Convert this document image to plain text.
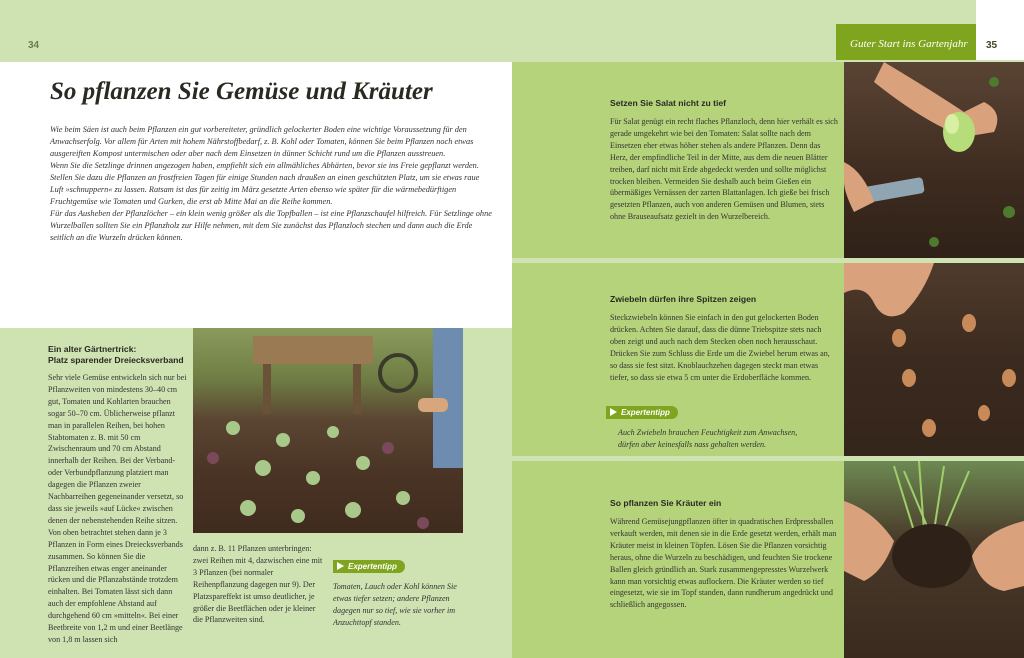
34	Guter Start ins Gartenjahr	35
So pflanzen Sie Gemüse und Kräuter

Wie beim Säen ist auch beim Pflanzen ein gut vorbereiteter, gründlich gelockerter Boden eine wichtige Voraussetzung für den Anwachserfolg. Vor allem für Arten mit hohem Nährstoffbedarf, z. B. Kohl oder Tomaten, können Sie beim Pflanzen noch etwas ausgereiften Kompost untermischen oder aber nach dem Einsetzen in dünner Schicht rund um die Pflanzen ausstreuen.

Wenn Sie die Setzlinge drinnen angezogen haben, empfiehlt sich ein allmähliches Abhärten, bevor sie ins Freie gepflanzt werden. Stellen Sie dazu die Pflanzen an frostfreien Tagen für einige Stunden nach draußen an einen geschützten Platz, um sie etwas raue Luft »schnuppern« zu lassen. Ratsam ist das für zeitig im März gesetzte Arten ebenso wie später für die wärmebedürftigen Fruchtgemüse wie Tomaten und Gurken, die erst ab Mitte Mai an die Reihe kommen.

Für das Ausheben der Pflanzlöcher – ein klein wenig größer als die Topfballen – ist eine Pflanzschaufel hilfreich. Für Setzlinge ohne Wurzelballen sollten Sie ein Pflanzholz zur Hilfe nehmen, mit dem Sie zunächst das Pflanzloch stechen und dann auch die Erde seitlich an die Wurzeln drücken können.

Ein alter Gärtnertrick:
Platz sparender Dreiecksverband
Sehr viele Gemüse entwickeln sich nur bei Pflanzweiten von mindestens 30–40 cm gut, Tomaten und Kohlarten brauchen sogar 50–70 cm. Üblicherweise pflanzt man in parallelen Reihen, bei hohen Stabtomaten z. B. mit 50 cm Zwischenraum und 70 cm Abstand innerhalb der Reihen. Bei der Verband- oder Verbundpflanzung platziert man dagegen die Pflanzen zweier Nachbarreihen gegeneinander versetzt, so dass sie jeweils »auf Lücke« zwischen denen der nebenstehenden Reihe sitzen. Von oben betrachtet stehen dann je 3 Pflanzen in Form eines Dreiecksverbands zusammen. So können Sie die Pflanzreihen etwas enger aneinander rücken und die Pflanzabstände trotzdem einhalten. Bei Tomaten lässt sich dann auch der empfohlene Abstand auf durchgehend 60 cm »mitteln«. Bei einer Beetbreite von 1,2 m und einer Beetlänge von 1,8 m lassen sich
dann z. B. 11 Pflanzen unterbringen: zwei Reihen mit 4, dazwischen eine mit 3 Pflanzen (bei normaler Reihenpflanzung dagegen nur 9). Der Platzspareffekt ist umso deutlicher, je größer die Beetflächen oder je kleiner die Pflanzweiten sind.
Expertentipp
Tomaten, Lauch oder Kohl können Sie etwas tiefer setzen; andere Pflanzen dagegen nur so tief, wie sie vorher im Anzuchttopf standen.
Setzen Sie Salat nicht zu tief
Für Salat genügt ein recht flaches Pflanzloch, denn hier verhält es sich gerade umgekehrt wie bei den Tomaten: Salat sollte nach dem Einsetzen eher etwas höher stehen als andere Pflanzen. Denn das Herz, der empfindliche Teil in der Mitte, aus dem die neuen Blätter treiben, darf nicht mit Erde abgedeckt werden und sollte möglichst trocken bleiben. Vermeiden Sie deshalb auch beim Gießen ein übermäßiges Vernässen der zarten Blattanlagen. Ich gieße bei frisch gesetzten Pflanzen, auch von anderen Gemüsen und Blumen, stets ohne Brauseaufsatz gezielt in den Wurzelbereich.
Zwiebeln dürfen ihre Spitzen zeigen
Steckzwiebeln können Sie einfach in den gut gelockerten Boden drücken. Achten Sie darauf, dass die dünne Triebspitze stets nach oben zeigt und auch nach dem Stecken oben noch herausschaut. Drücken Sie zum Schluss die Erde um die Zwiebel herum etwas an, so dass sie fest sitzt. Knoblauchzehen dagegen steckt man etwas tiefer, so dass sie etwa 5 cm unter die Erdoberfläche kommen.
Expertentipp
Auch Zwiebeln brauchen Feuchtigkeit zum Anwachsen, dürfen aber keinesfalls nass gehalten werden.
So pflanzen Sie Kräuter ein
Während Gemüsejungpflanzen öfter in quadratischen Erdpressballen verkauft werden, mit denen sie in die Erde gesetzt werden, erhält man Kräuter meist in kleinen Töpfen. Lösen Sie die Pflanzen vorsichtig heraus, ohne die Wurzeln zu beschädigen, und feuchten Sie trockene Ballen gleich gründlich an. Stark zusammengepresstes Wurzelwerk kann man vorsichtig etwas auflockern. Die Kräuter werden so tief eingesetzt, wie sie im Topf standen, dann rundherum angedrückt und schließlich angegossen.
